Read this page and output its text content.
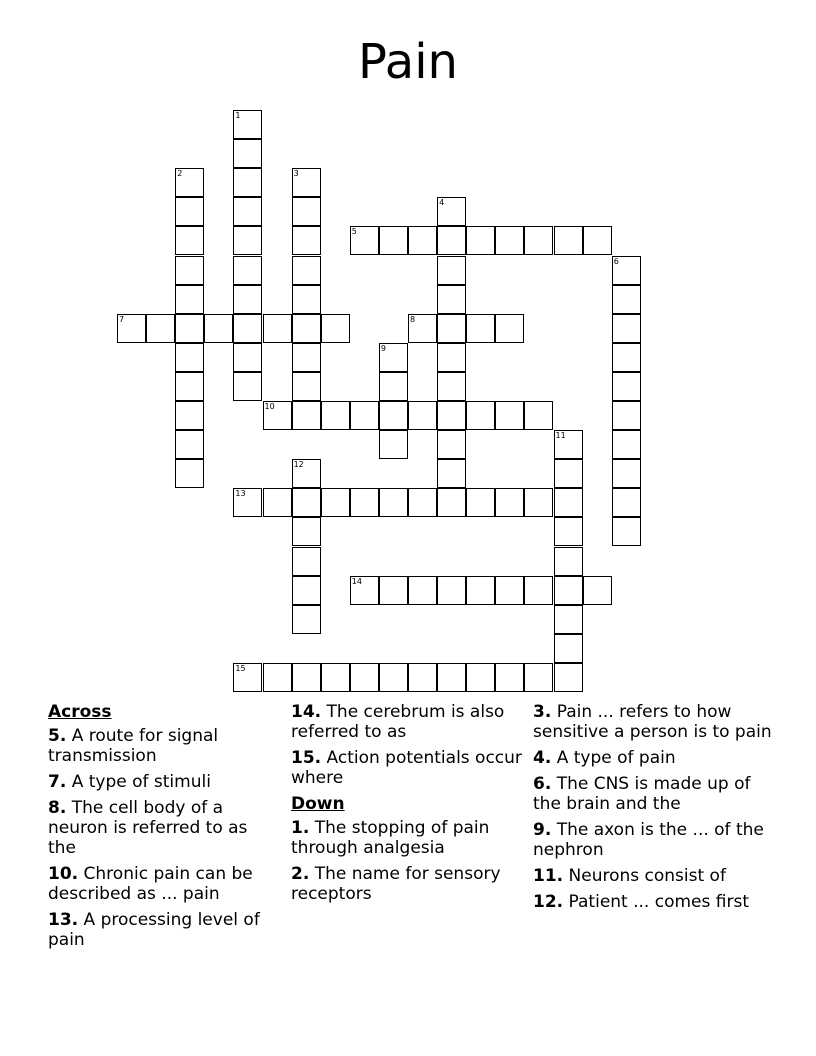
Pain
1
2	3
4
5
6
7	8
9
10
11
12
13
14
15
Across
5. A route for signal transmission
7. A type of stimuli
8. The cell body of a neuron is referred to as the
10. Chronic pain can be described as ... pain
13. A processing level of pain
14. The cerebrum is also referred to as
15. Action potentials occur where
Down
1. The stopping of pain through analgesia
2. The name for sensory receptors
3. Pain ... refers to how sensitive a person is to pain
4. A type of pain
6. The CNS is made up of the brain and the
9. The axon is the ... of the nephron
11. Neurons consist of
12. Patient ... comes first
